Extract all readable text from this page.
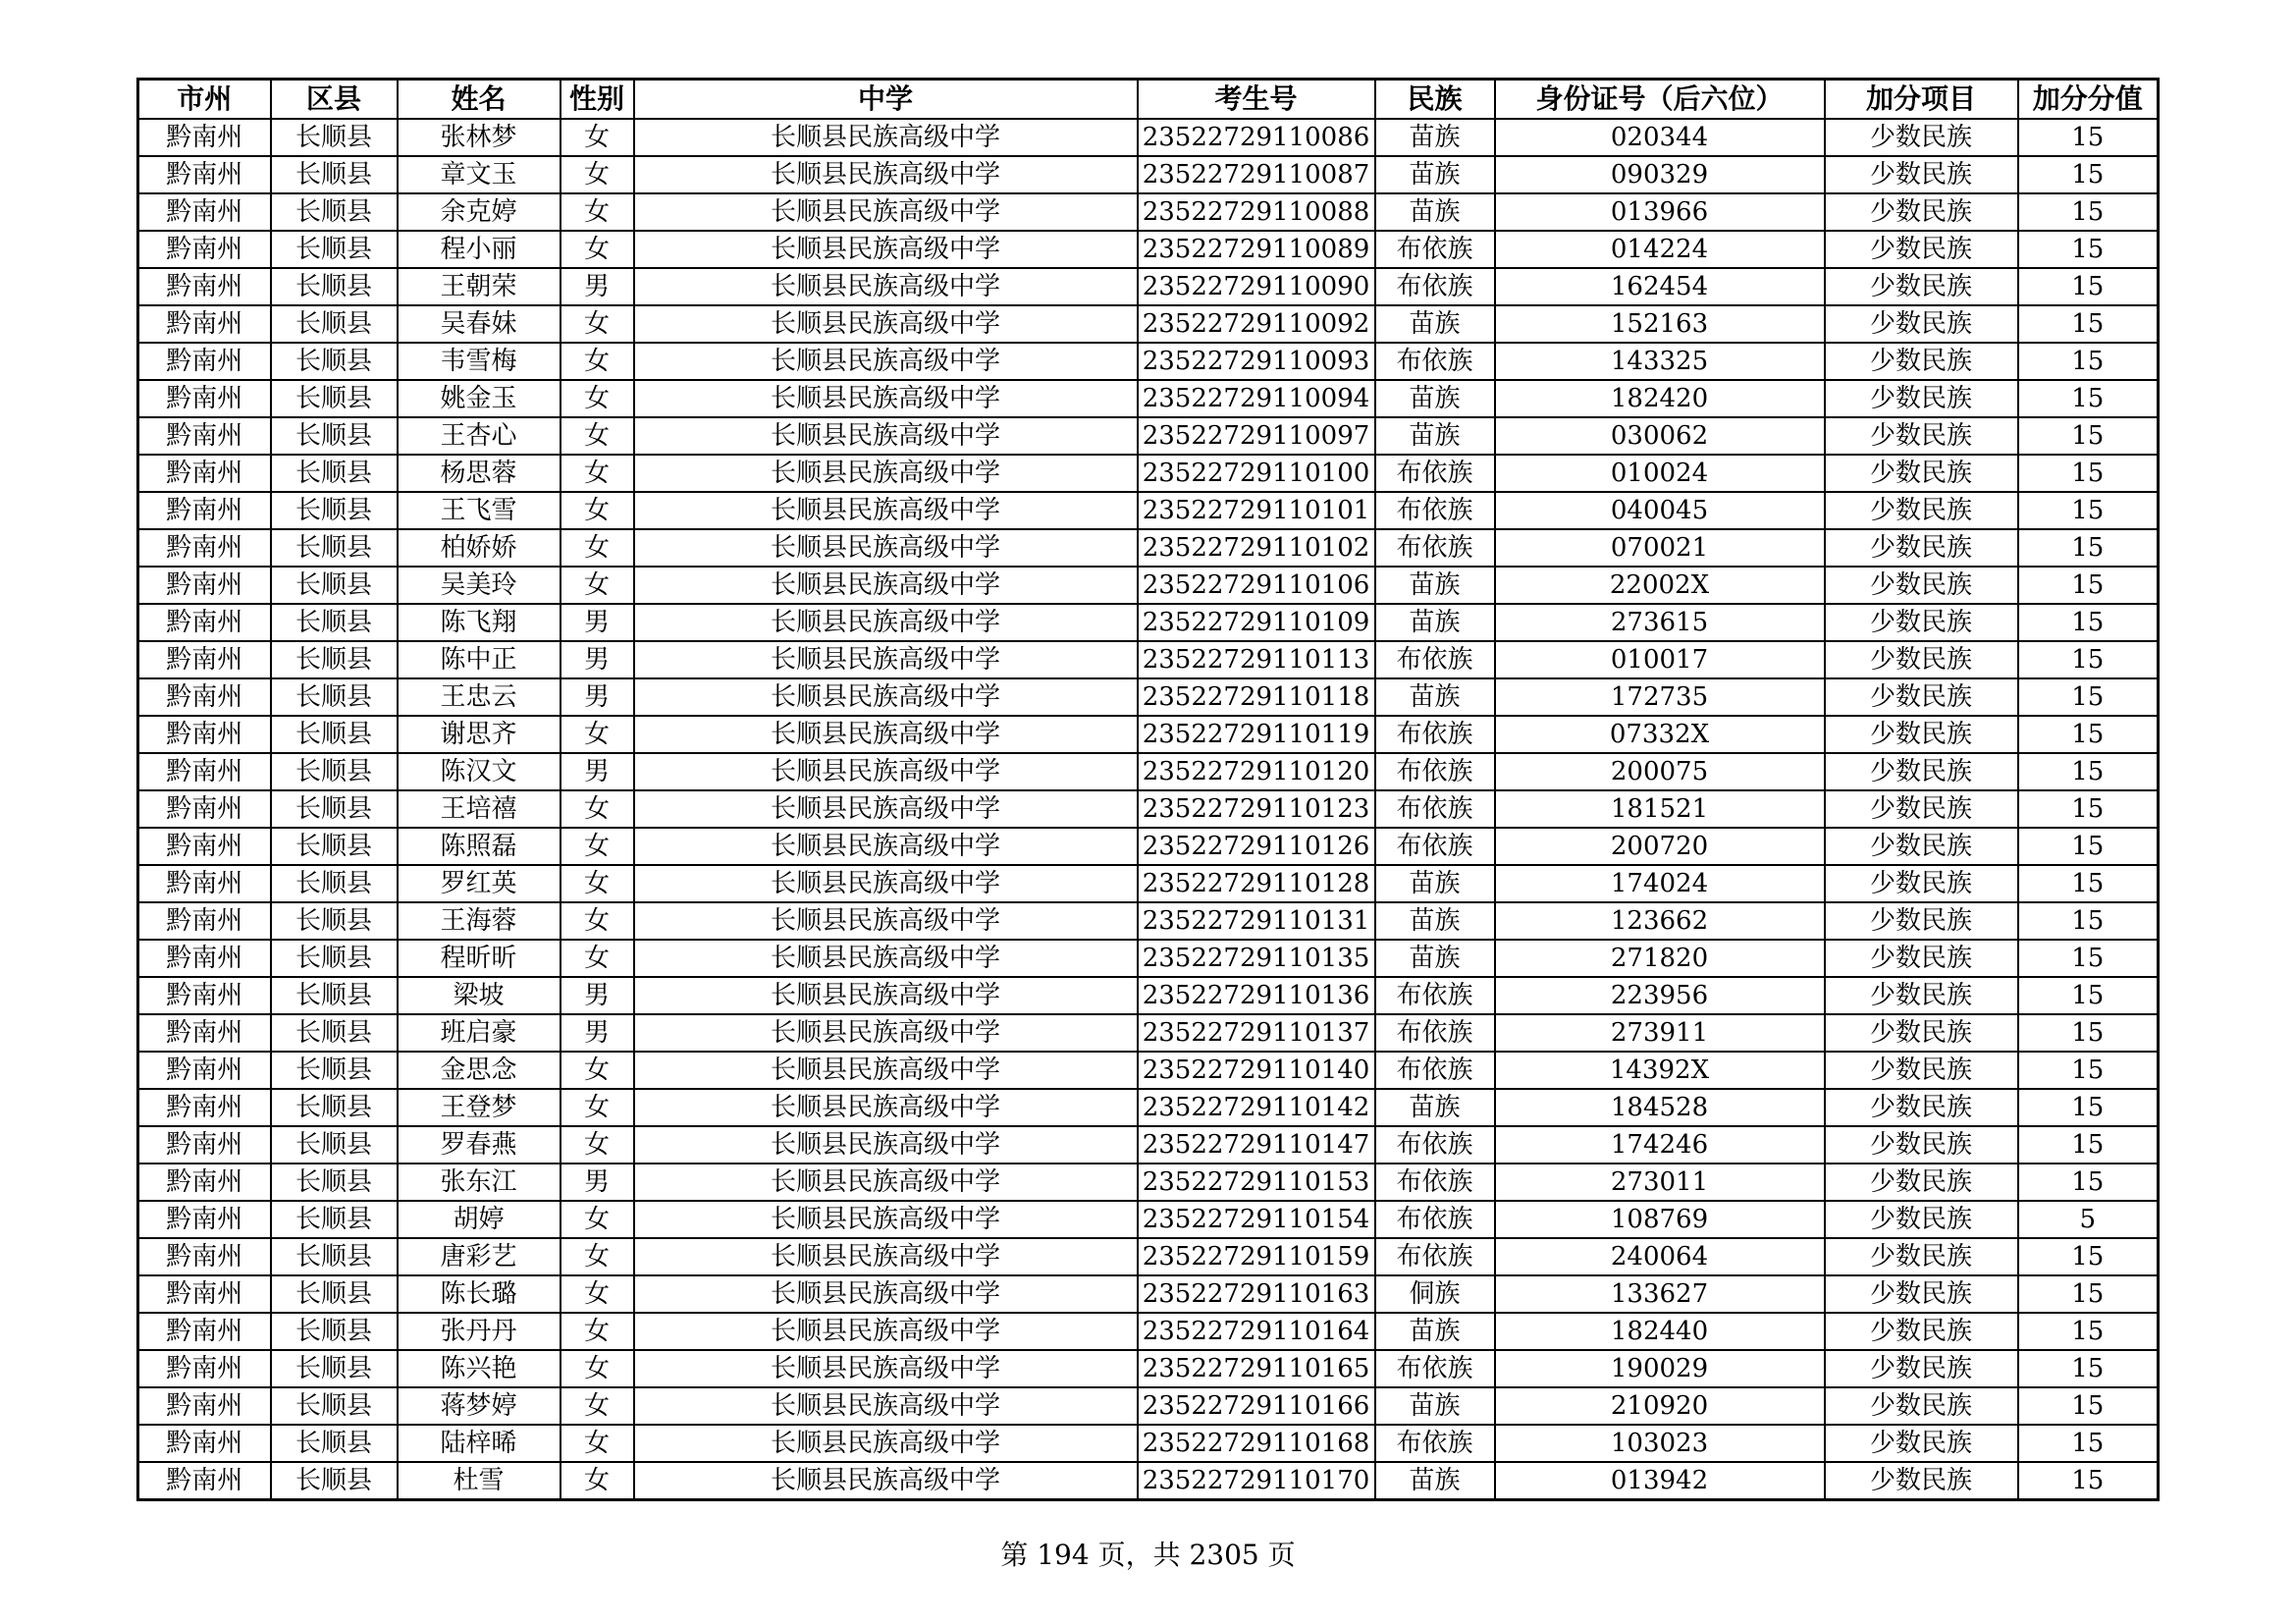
市州	区县	姓名	性别	中学	考生号	民族	身份证号（后六位）	加分项目	加分分值
黔南州	长顺县	张林梦	女	长顺县民族高级中学	23522729110086	苗族	020344	少数民族	15
黔南州	长顺县	章文玉	女	长顺县民族高级中学	23522729110087	苗族	090329	少数民族	15
黔南州	长顺县	余克婷	女	长顺县民族高级中学	23522729110088	苗族	013966	少数民族	15
黔南州	长顺县	程小丽	女	长顺县民族高级中学	23522729110089	布依族	014224	少数民族	15
黔南州	长顺县	王朝荣	男	长顺县民族高级中学	23522729110090	布依族	162454	少数民族	15
黔南州	长顺县	吴春妹	女	长顺县民族高级中学	23522729110092	苗族	152163	少数民族	15
黔南州	长顺县	韦雪梅	女	长顺县民族高级中学	23522729110093	布依族	143325	少数民族	15
黔南州	长顺县	姚金玉	女	长顺县民族高级中学	23522729110094	苗族	182420	少数民族	15
黔南州	长顺县	王杏心	女	长顺县民族高级中学	23522729110097	苗族	030062	少数民族	15
黔南州	长顺县	杨思蓉	女	长顺县民族高级中学	23522729110100	布依族	010024	少数民族	15
黔南州	长顺县	王飞雪	女	长顺县民族高级中学	23522729110101	布依族	040045	少数民族	15
黔南州	长顺县	柏娇娇	女	长顺县民族高级中学	23522729110102	布依族	070021	少数民族	15
黔南州	长顺县	吴美玲	女	长顺县民族高级中学	23522729110106	苗族	22002X	少数民族	15
黔南州	长顺县	陈飞翔	男	长顺县民族高级中学	23522729110109	苗族	273615	少数民族	15
黔南州	长顺县	陈中正	男	长顺县民族高级中学	23522729110113	布依族	010017	少数民族	15
黔南州	长顺县	王忠云	男	长顺县民族高级中学	23522729110118	苗族	172735	少数民族	15
黔南州	长顺县	谢思齐	女	长顺县民族高级中学	23522729110119	布依族	07332X	少数民族	15
黔南州	长顺县	陈汉文	男	长顺县民族高级中学	23522729110120	布依族	200075	少数民族	15
黔南州	长顺县	王培禧	女	长顺县民族高级中学	23522729110123	布依族	181521	少数民族	15
黔南州	长顺县	陈照磊	女	长顺县民族高级中学	23522729110126	布依族	200720	少数民族	15
黔南州	长顺县	罗红英	女	长顺县民族高级中学	23522729110128	苗族	174024	少数民族	15
黔南州	长顺县	王海蓉	女	长顺县民族高级中学	23522729110131	苗族	123662	少数民族	15
黔南州	长顺县	程昕昕	女	长顺县民族高级中学	23522729110135	苗族	271820	少数民族	15
黔南州	长顺县	梁坡	男	长顺县民族高级中学	23522729110136	布依族	223956	少数民族	15
黔南州	长顺县	班启豪	男	长顺县民族高级中学	23522729110137	布依族	273911	少数民族	15
黔南州	长顺县	金思念	女	长顺县民族高级中学	23522729110140	布依族	14392X	少数民族	15
黔南州	长顺县	王登梦	女	长顺县民族高级中学	23522729110142	苗族	184528	少数民族	15
黔南州	长顺县	罗春燕	女	长顺县民族高级中学	23522729110147	布依族	174246	少数民族	15
黔南州	长顺县	张东江	男	长顺县民族高级中学	23522729110153	布依族	273011	少数民族	15
黔南州	长顺县	胡婷	女	长顺县民族高级中学	23522729110154	布依族	108769	少数民族	5
黔南州	长顺县	唐彩艺	女	长顺县民族高级中学	23522729110159	布依族	240064	少数民族	15
黔南州	长顺县	陈长璐	女	长顺县民族高级中学	23522729110163	侗族	133627	少数民族	15
黔南州	长顺县	张丹丹	女	长顺县民族高级中学	23522729110164	苗族	182440	少数民族	15
黔南州	长顺县	陈兴艳	女	长顺县民族高级中学	23522729110165	布依族	190029	少数民族	15
黔南州	长顺县	蒋梦婷	女	长顺县民族高级中学	23522729110166	苗族	210920	少数民族	15
黔南州	长顺县	陆梓晞	女	长顺县民族高级中学	23522729110168	布依族	103023	少数民族	15
黔南州	长顺县	杜雪	女	长顺县民族高级中学	23522729110170	苗族	013942	少数民族	15
第 194 页，共 2305 页
